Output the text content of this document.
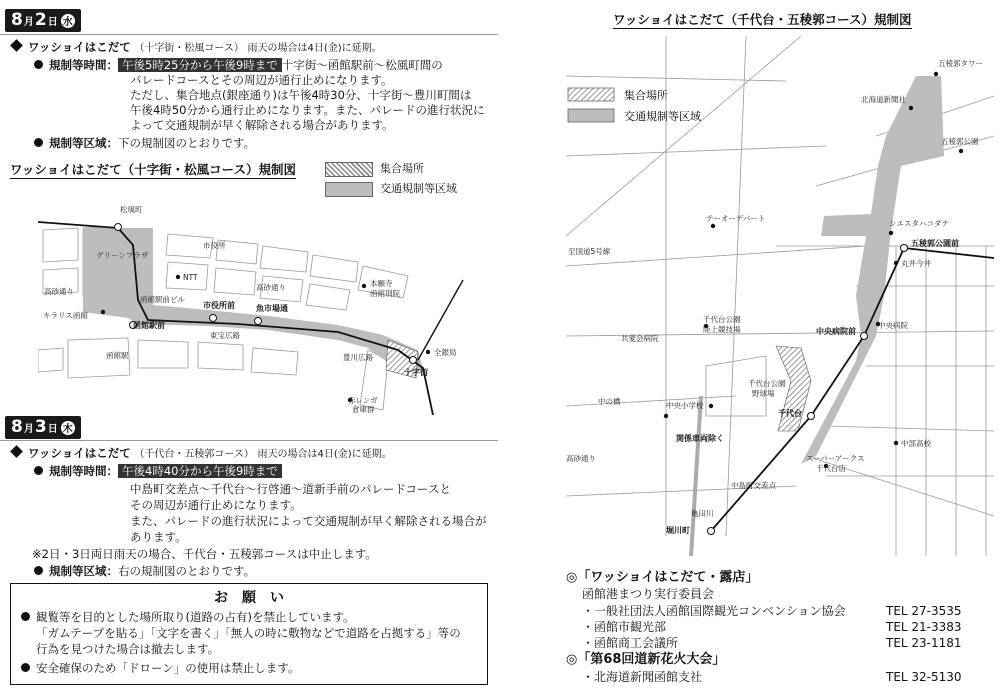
8 月 2 日 水
ワッショイはこだて （十字街・松風コース） 雨天の場合は4日(金)に延期。
規制等時間： 午後5時25分から午後9時まで 十字街～函館駅前～松風町間の
パレードコースとその周辺が通行止めになります。
ただし、集合地点(銀座通り)は午後4時30分、十字街～豊川町間は
午後4時50分から通行止めになります。また、パレードの進行状況に
よって交通規制が早く解除される場合があります。
規制等区域：下の規制図のとおりです。
ワッショイはこだて（十字街・松風コース）規制図	集合場所
交通規制等区域
松風町
グリーンプラザ
NTT
市役所
高砂通り	高砂通り
函館駅前ビル
キラリス函館
市役所前	魚市場通
函館駅前
函館駅
東宝広路
本願寺
函館別院
豊川広路
十字街
全銀局
赤レンガ
倉庫群
8 月 3 日 木
ワッショイはこだて （千代台・五稜郭コース） 雨天の場合は4日(金)に延期。
規制等時間： 午後4時40分から午後9時まで
中島町交差点～千代台～行啓通～道新手前のパレードコースと
その周辺が通行止めになります。
また、パレードの進行状況によって交通規制が早く解除される場合が
あります。
※2日・3日両日雨天の場合、千代台・五稜郭コースは中止します。
規制等区域：右の規制図のとおりです。
お　願　い
観覧等を目的とした場所取り(道路の占有)を禁止しています。
「ガムテープを貼る」「文字を書く」「無人の時に敷物などで道路を占拠する」等の
行為を見つけた場合は撤去します。
安全確保のため「ドローン」の使用は禁止します。
ワッショイはこだて（千代台・五稜郭コース）規制図
集合場所
交通規制等区域
五稜郭タワー
北海道新聞社
五稜郭公園
テーオーデパート
シエスタハコダテ
五稜郭公園前
丸井今井
至国道5号線
千代台公園
陸上競技場
共愛会病院
中央病院前
中央病院
中の橋
千代台公園
野球場
中央小学校
関係車両除く
千代台
高砂通り
中部高校
スーパーアークス
千代台店
中島町交差点
堀川町
亀田川
◎「ワッショイはこだて・露店」
函館港まつり実行委員会
・一般社団法人函館国際観光コンベンション協会	TEL 27-3535
・函館市観光部	TEL 21-3383
・函館商工会議所	TEL 23-1181
◎「第68回道新花火大会」
・北海道新聞函館支社	TEL 32-5130
